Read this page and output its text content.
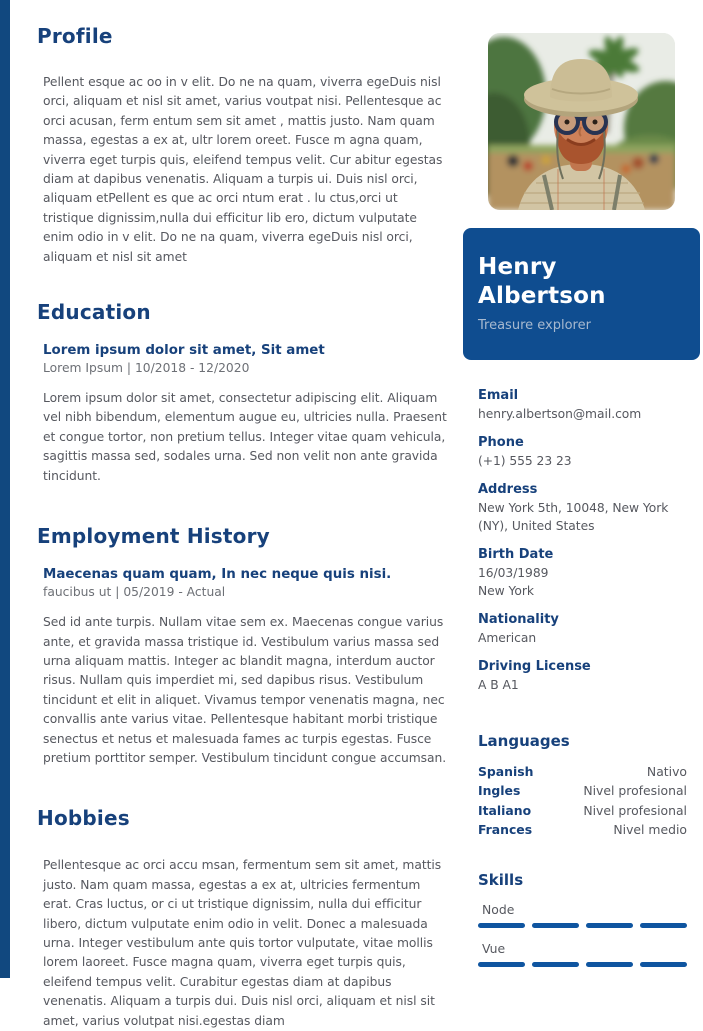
Profile

Pellent esque ac oo in v elit. Do ne na quam, viverra egeDuis nisl orci, aliquam et nisl sit amet, varius voutpat nisi. Pellentesque ac orci acusan, ferm entum sem sit amet , mattis justo. Nam quam massa, egestas a ex at, ultr lorem oreet. Fusce m agna quam, viverra eget turpis quis, eleifend tempus velit. Cur abitur egestas diam at dapibus venenatis. Aliquam a turpis ui. Duis nisl orci, aliquam etPellent es que ac orci ntum erat . lu ctus,orci ut tristique dignissim,nulla dui efficitur lib ero, dictum vulputate enim odio in v elit. Do ne na quam, viverra egeDuis nisl orci, aliquam et nisl sit amet

Education
Lorem ipsum dolor sit amet, Sit amet

Lorem Ipsum | 10/2018 - 12/2020

Lorem ipsum dolor sit amet, consectetur adipiscing elit. Aliquam vel nibh bibendum, elementum augue eu, ultricies nulla. Praesent et congue tortor, non pretium tellus. Integer vitae quam vehicula, sagittis massa sed, sodales urna. Sed non velit non ante gravida tincidunt.

Employment History
Maecenas quam quam, In nec neque quis nisi.

faucibus ut | 05/2019 - Actual

Sed id ante turpis. Nullam vitae sem ex. Maecenas congue varius ante, et gravida massa tristique id. Vestibulum varius massa sed urna aliquam mattis. Integer ac blandit magna, interdum auctor risus. Nullam quis imperdiet mi, sed dapibus risus. Vestibulum tincidunt et elit in aliquet. Vivamus tempor venenatis magna, nec convallis ante varius vitae. Pellentesque habitant morbi tristique senectus et netus et malesuada fames ac turpis egestas. Fusce pretium porttitor semper. Vestibulum tincidunt congue accumsan.

Hobbies

Pellentesque ac orci accu msan, fermentum sem sit amet, mattis justo. Nam quam massa, egestas a ex at, ultricies fermentum erat. Cras luctus, or ci ut tristique dignissim, nulla dui efficitur libero, dictum vulputate enim odio in velit. Donec a malesuada urna. Integer vestibulum ante quis tortor vulputate, vitae mollis lorem laoreet. Fusce magna quam, viverra eget turpis quis, eleifend tempus velit. Curabitur egestas diam at dapibus venenatis. Aliquam a turpis dui. Duis nisl orci, aliquam et nisl sit amet, varius volutpat nisi.egestas diam

Henry
Albertson

Treasure explorer

Email
henry.albertson@mail.com
Phone
(+1) 555 23 23
Address
New York 5th, 10048, New York (NY), United States
Birth Date
16/03/1989
New York
Nationality
American
Driving License
A B A1
Languages
Spanish	Nativo
Ingles	Nivel profesional
Italiano	Nivel profesional
Frances	Nivel medio
Skills
Node
Vue
